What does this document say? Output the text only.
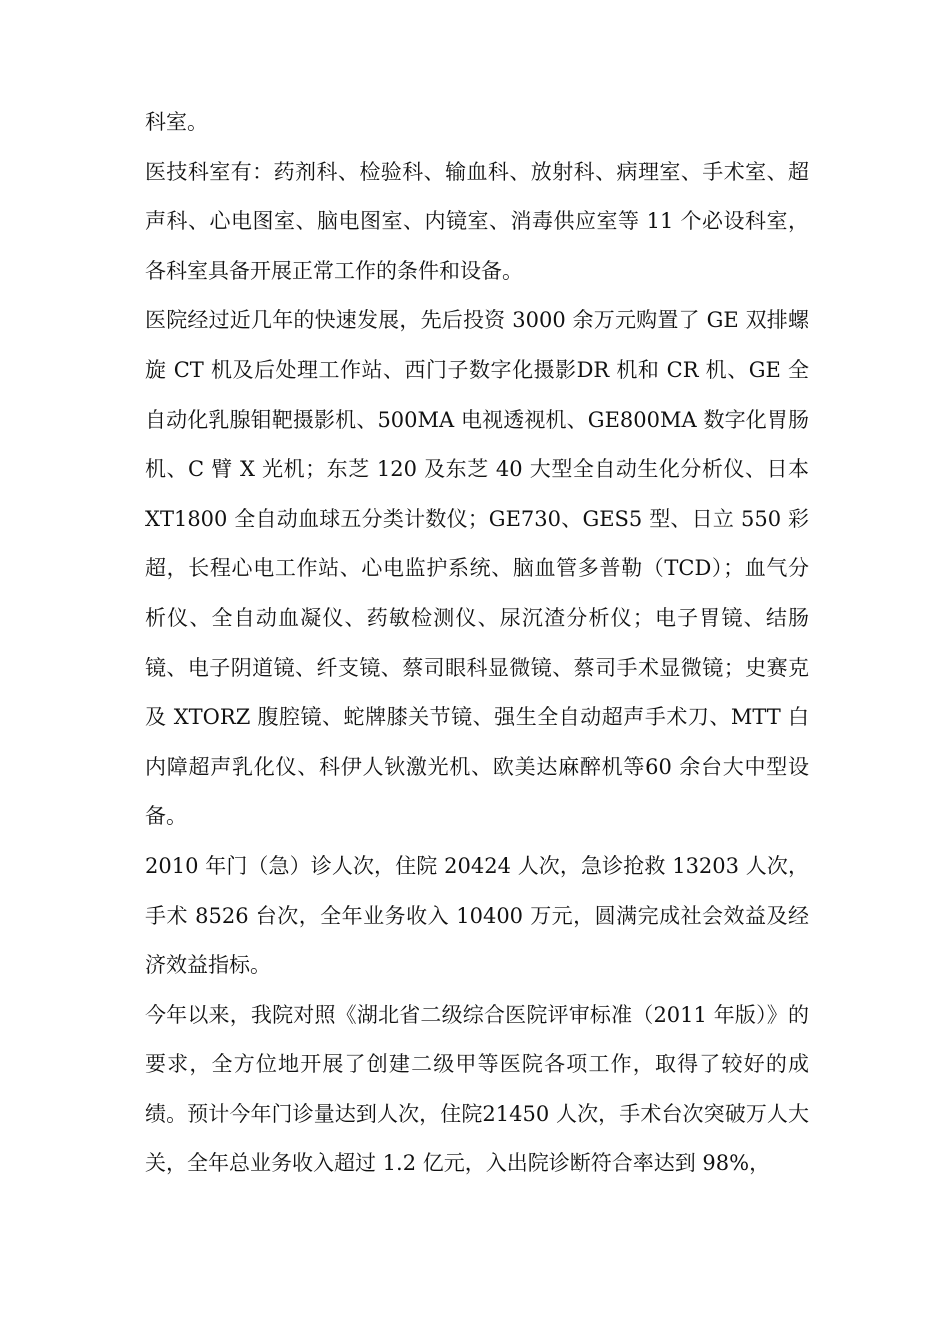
科室。

医技科室有：药剂科、检验科、输血科、放射科、病理室、手术室、超声科、心电图室、脑电图室、内镜室、消毒供应室等 11 个必设科室，各科室具备开展正常工作的条件和设备。

医院经过近几年的快速发展，先后投资 3000 余万元购置了 GE 双排螺旋 CT 机及后处理工作站、西门子数字化摄影DR 机和 CR 机、GE 全自动化乳腺钼靶摄影机、500MA 电视透视机、GE800MA 数字化胃肠机、C 臂 X 光机；东芝 120 及东芝 40 大型全自动生化分析仪、日本 XT1800 全自动血球五分类计数仪；GE730、GES5 型、日立 550 彩超，长程心电工作站、心电监护系统、脑血管多普勒（TCD）；血气分析仪、全自动血凝仪、药敏检测仪、尿沉渣分析仪；电子胃镜、结肠镜、电子阴道镜、纤支镜、蔡司眼科显微镜、蔡司手术显微镜；史赛克及 XTORZ 腹腔镜、蛇牌膝关节镜、强生全自动超声手术刀、MTT 白内障超声乳化仪、科伊人钬激光机、欧美达麻醉机等60 余台大中型设备。

2010 年门（急）诊人次，住院 20424 人次，急诊抢救 13203 人次，手术 8526 台次，全年业务收入 10400 万元，圆满完成社会效益及经济效益指标。

今年以来，我院对照《湖北省二级综合医院评审标准（2011 年版）》的要求，全方位地开展了创建二级甲等医院各项工作，取得了较好的成绩。预计今年门诊量达到人次，住院21450 人次，手术台次突破万人大关，全年总业务收入超过 1.2 亿元，入出院诊断符合率达到 98%，
